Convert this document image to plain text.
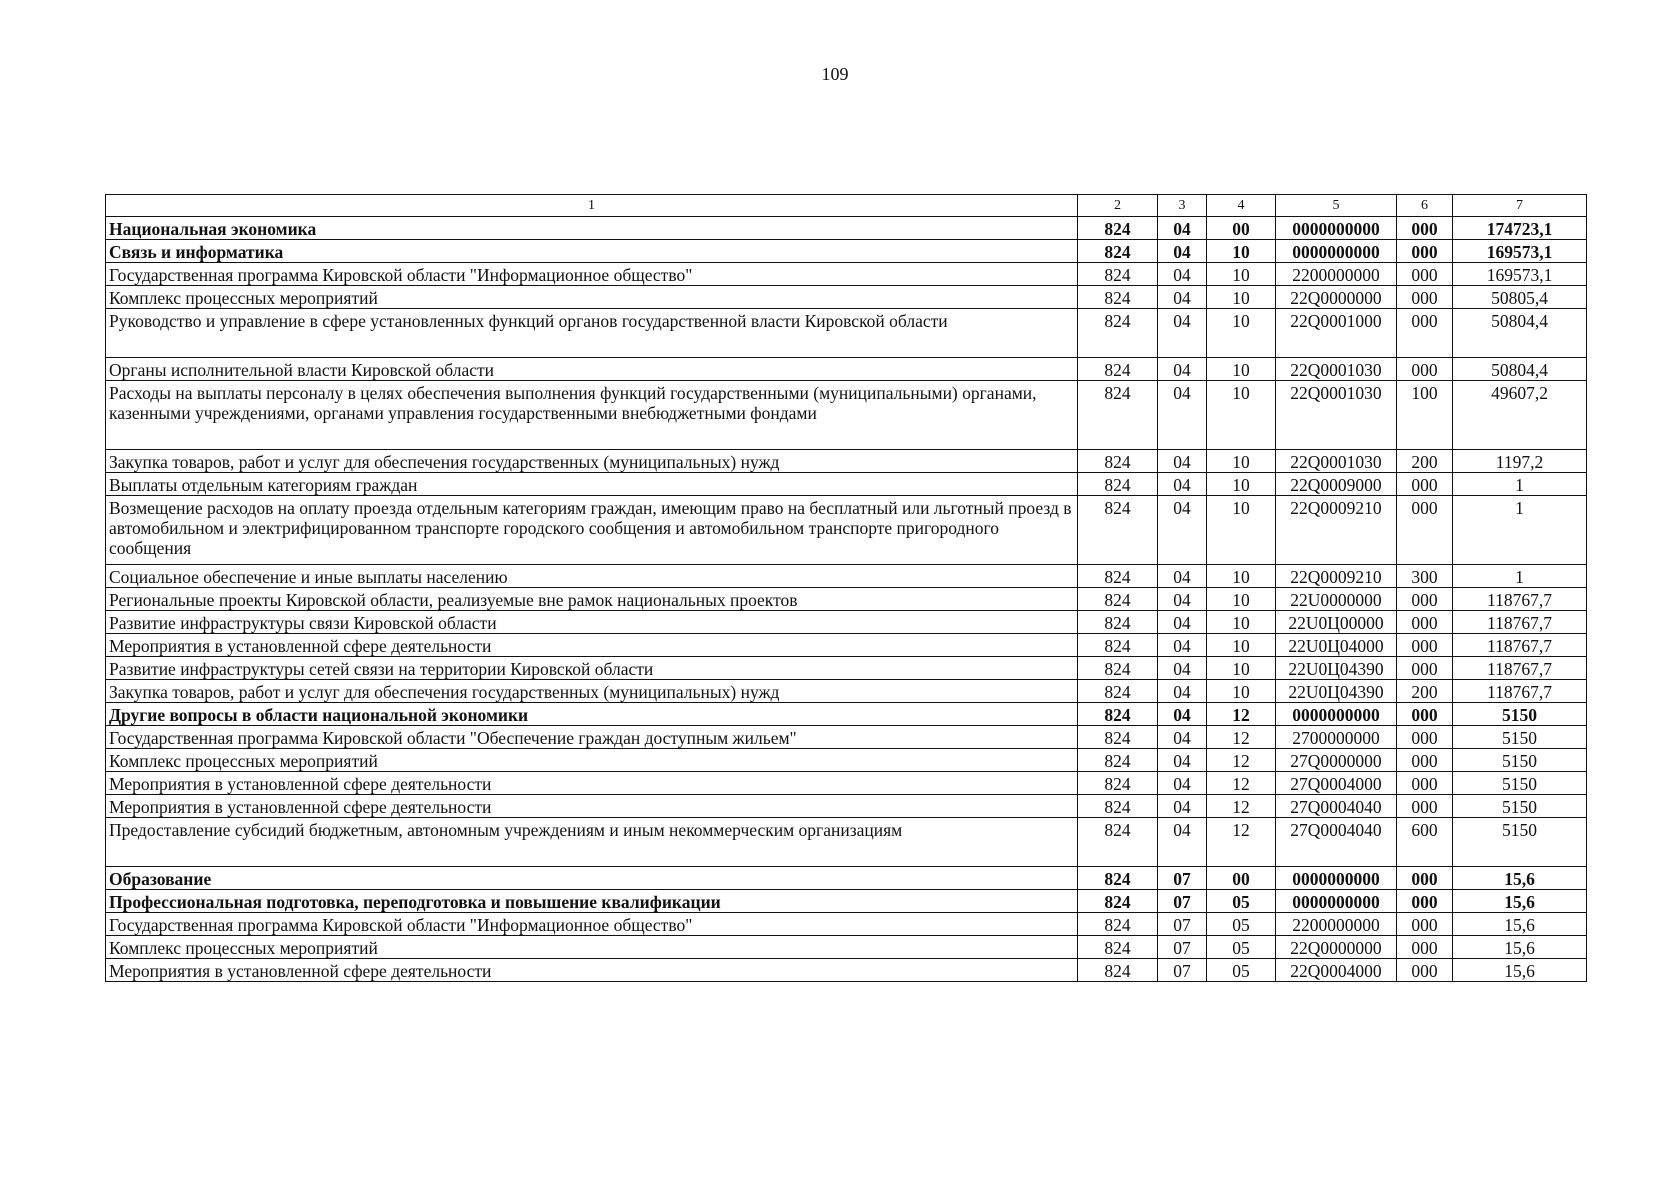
109
1	2	3	4	5	6	7
Национальная экономика	824	04	00	0000000000	000	174723,1
Связь и информатика	824	04	10	0000000000	000	169573,1
Государственная программа Кировской области "Информационное общество"	824	04	10	2200000000	000	169573,1
Комплекс процессных мероприятий	824	04	10	22Q0000000	000	50805,4
Руководство и управление в сфере установленных функций органов государственной власти Кировской области	824	04	10	22Q0001000	000	50804,4
Органы исполнительной власти Кировской области	824	04	10	22Q0001030	000	50804,4
Расходы на выплаты персоналу в целях обеспечения выполнения функций государственными (муниципальными) органами, казенными учреждениями, органами управления государственными внебюджетными фондами	824	04	10	22Q0001030	100	49607,2
Закупка товаров, работ и услуг для обеспечения государственных (муниципальных) нужд	824	04	10	22Q0001030	200	1197,2
Выплаты отдельным категориям граждан	824	04	10	22Q0009000	000	1
Возмещение расходов на оплату проезда отдельным категориям граждан, имеющим право на бесплатный или льготный проезд в автомобильном и электрифицированном транспорте городского сообщения и автомобильном транспорте пригородного сообщения	824	04	10	22Q0009210	000	1
Социальное обеспечение и иные выплаты населению	824	04	10	22Q0009210	300	1
Региональные проекты Кировской области, реализуемые вне рамок национальных проектов	824	04	10	22U0000000	000	118767,7
Развитие инфраструктуры связи Кировской области	824	04	10	22U0Ц00000	000	118767,7
Мероприятия в установленной сфере деятельности	824	04	10	22U0Ц04000	000	118767,7
Развитие инфраструктуры сетей связи на территории Кировской области	824	04	10	22U0Ц04390	000	118767,7
Закупка товаров, работ и услуг для обеспечения государственных (муниципальных) нужд	824	04	10	22U0Ц04390	200	118767,7
Другие вопросы в области национальной экономики	824	04	12	0000000000	000	5150
Государственная программа Кировской области "Обеспечение граждан доступным жильем"	824	04	12	2700000000	000	5150
Комплекс процессных мероприятий	824	04	12	27Q0000000	000	5150
Мероприятия в установленной сфере деятельности	824	04	12	27Q0004000	000	5150
Мероприятия в установленной сфере деятельности	824	04	12	27Q0004040	000	5150
Предоставление субсидий бюджетным, автономным учреждениям и иным некоммерческим организациям	824	04	12	27Q0004040	600	5150
Образование	824	07	00	0000000000	000	15,6
Профессиональная подготовка, переподготовка и повышение квалификации	824	07	05	0000000000	000	15,6
Государственная программа Кировской области "Информационное общество"	824	07	05	2200000000	000	15,6
Комплекс процессных мероприятий	824	07	05	22Q0000000	000	15,6
Мероприятия в установленной сфере деятельности	824	07	05	22Q0004000	000	15,6
